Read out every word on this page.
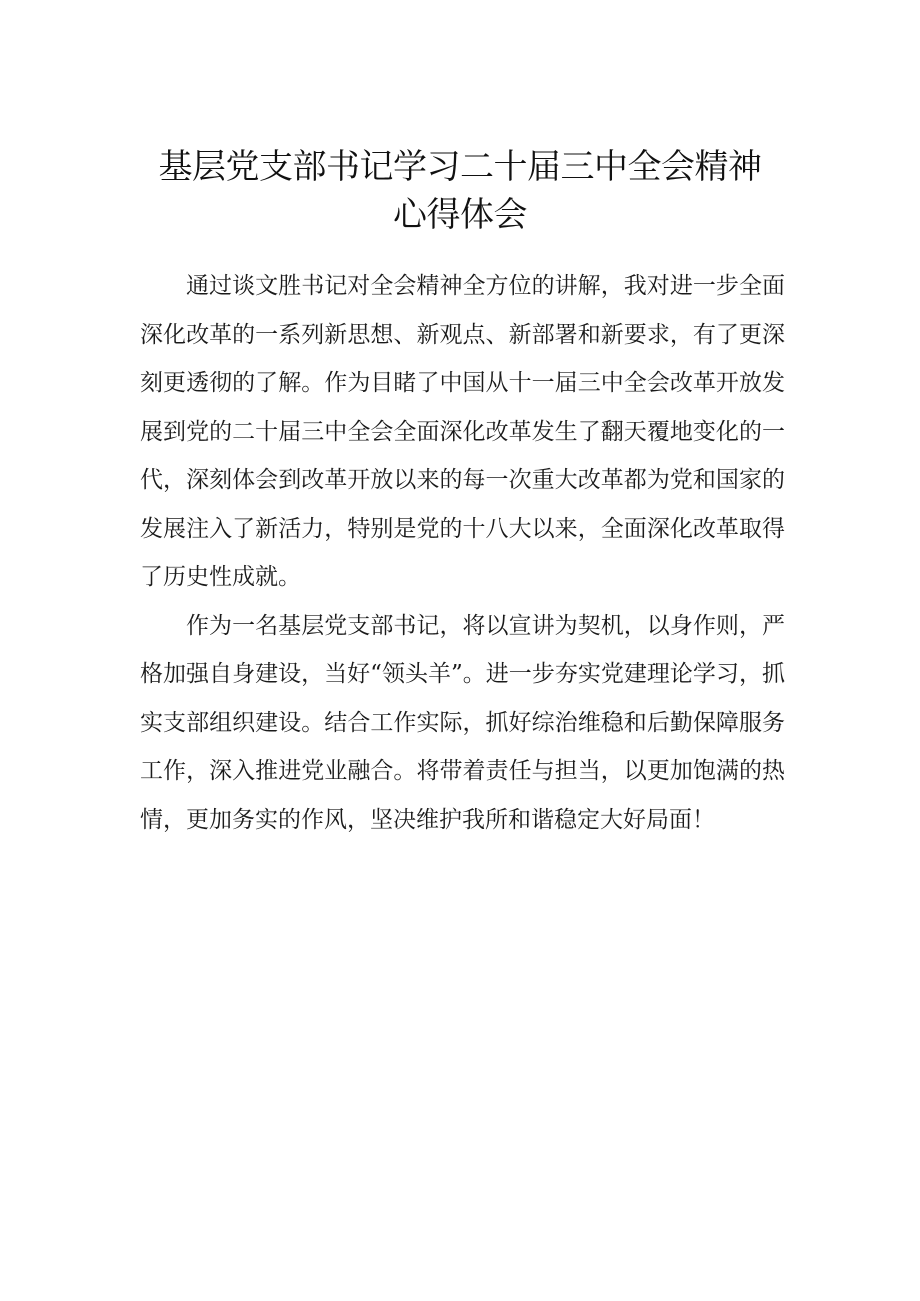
基层党支部书记学习二十届三中全会精神
心得体会

通过谈文胜书记对全会精神全方位的讲解，我对进一步全面深化改革的一系列新思想、新观点、新部署和新要求，有了更深刻更透彻的了解。作为目睹了中国从十一届三中全会改革开放发展到党的二十届三中全会全面深化改革发生了翻天覆地变化的一代，深刻体会到改革开放以来的每一次重大改革都为党和国家的发展注入了新活力，特别是党的十八大以来，全面深化改革取得了历史性成就。

作为一名基层党支部书记，将以宣讲为契机，以身作则，严格加强自身建设，当好“领头羊”。进一步夯实党建理论学习，抓实支部组织建设。结合工作实际，抓好综治维稳和后勤保障服务工作，深入推进党业融合。将带着责任与担当，以更加饱满的热情，更加务实的作风，坚决维护我所和谐稳定大好局面！
